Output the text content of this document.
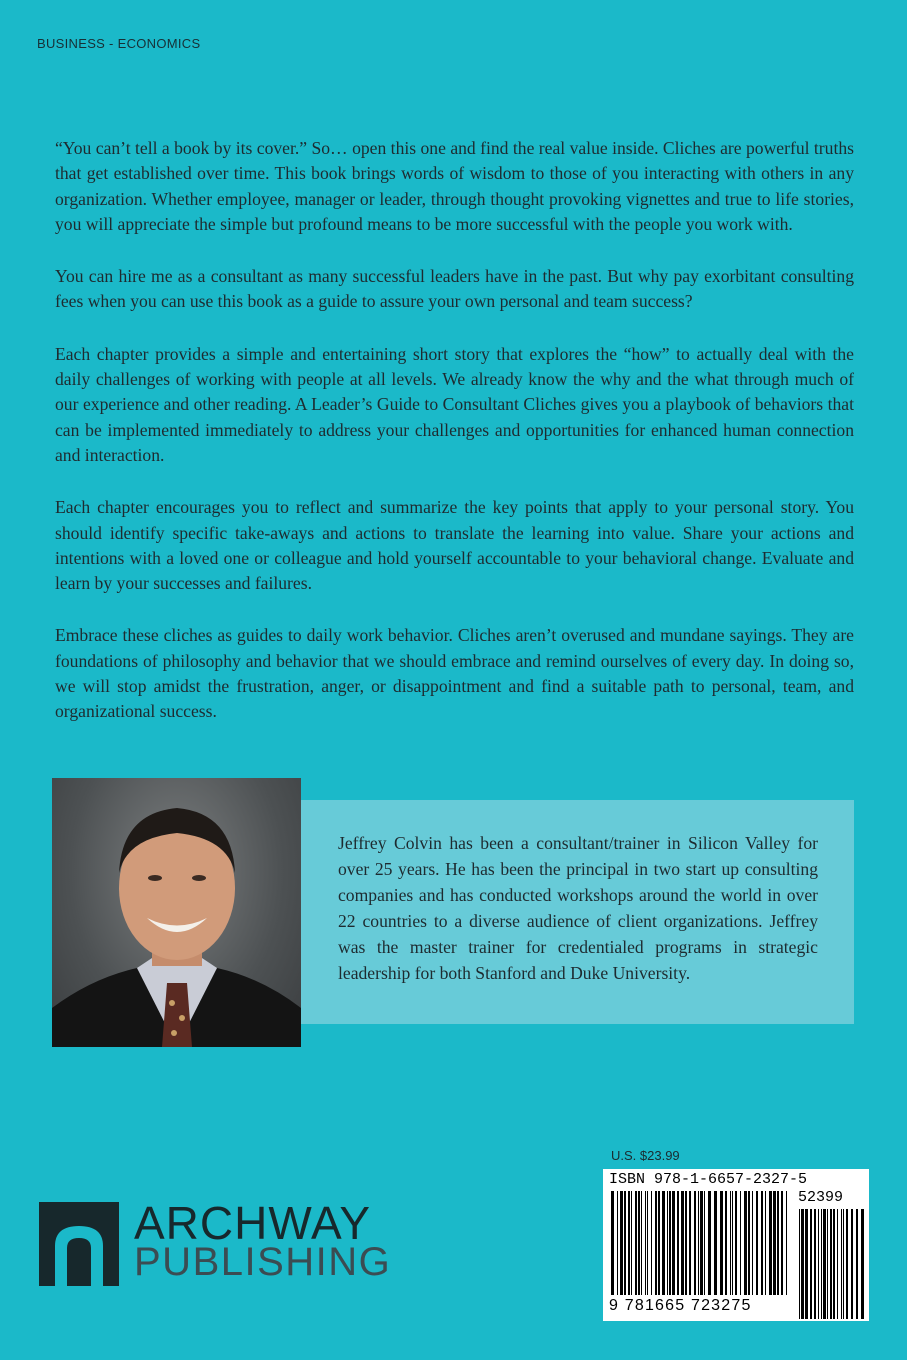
BUSINESS - ECONOMICS

“You can’t tell a book by its cover.” So… open this one and find the real value inside. Cliches are powerful truths that get established over time. This book brings words of wisdom to those of you interacting with others in any organization. Whether employee, manager or leader, through thought provoking vignettes and true to life stories, you will appreciate the simple but profound means to be more successful with the people you work with.

You can hire me as a consultant as many successful leaders have in the past. But why pay exorbitant consulting fees when you can use this book as a guide to assure your own personal and team success?

Each chapter provides a simple and entertaining short story that explores the “how” to actually deal with the daily challenges of working with people at all levels. We already know the why and the what through much of our experience and other reading. A Leader’s Guide to Consultant Cliches gives you a playbook of behaviors that can be implemented immediately to address your challenges and opportunities for enhanced human connection and interaction.

Each chapter encourages you to reflect and summarize the key points that apply to your personal story. You should identify specific take-aways and actions to translate the learning into value. Share your actions and intentions with a loved one or colleague and hold yourself accountable to your behavioral change. Evaluate and learn by your successes and failures.

Embrace these cliches as guides to daily work behavior. Cliches aren’t overused and mundane sayings. They are foundations of philosophy and behavior that we should embrace and remind ourselves of every day. In doing so, we will stop amidst the frustration, anger, or disappointment and find a suitable path to personal, team, and organizational success.

Jeffrey Colvin has been a consultant/trainer in Silicon Valley for over 25 years. He has been the principal in two start up consulting companies and has conducted workshops around the world in over 22 countries to a diverse audience of client organizations. Jeffrey was the master trainer for credentialed programs in strategic leadership for both Stanford and Duke University.

ARCHWAY
PUBLISHING
U.S. $23.99
ISBN 978-1-6657-2327-5
52399
9 781665 723275
